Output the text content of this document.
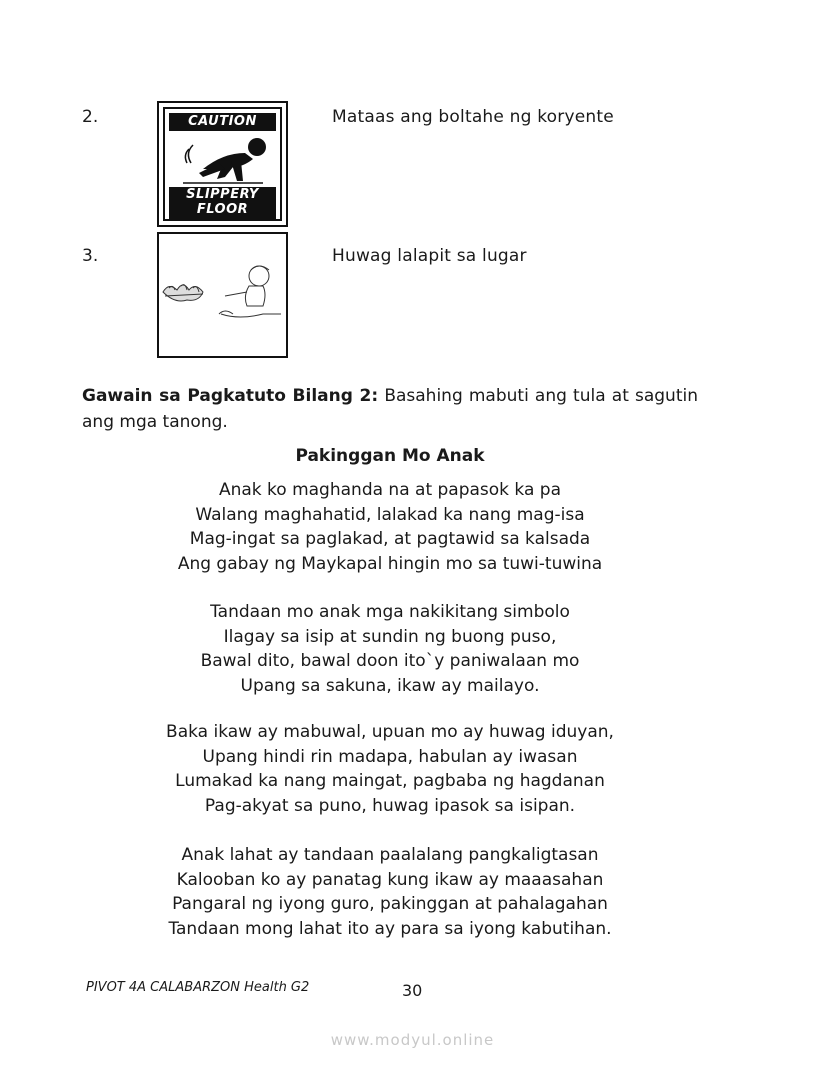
2.	CAUTION
SLIPPERY
FLOOR
Mataas ang boltahe ng koryente
3.	Huwag lalapit sa lugar
Gawain sa Pagkatuto Bilang 2: Basahing mabuti ang tula at sagutin
ang mga tanong.
Pakinggan Mo Anak
Anak ko maghanda na at papasok ka pa
Walang maghahatid, lalakad ka nang mag-isa
Mag-ingat sa paglakad, at pagtawid sa kalsada
Ang gabay ng Maykapal hingin mo sa tuwi-tuwina
Tandaan mo anak mga nakikitang simbolo
Ilagay sa isip at sundin ng buong puso,
Bawal dito, bawal doon ito`y paniwalaan mo
Upang sa sakuna, ikaw ay mailayo.
Baka ikaw ay mabuwal, upuan mo ay huwag iduyan,
Upang hindi rin madapa, habulan ay iwasan
Lumakad ka nang maingat, pagbaba ng hagdanan
Pag-akyat sa puno, huwag ipasok sa isipan.
Anak lahat ay tandaan paalalang pangkaligtasan
Kalooban ko ay panatag kung ikaw ay maaasahan
Pangaral ng iyong guro, pakinggan at pahalagahan
Tandaan mong lahat ito ay para sa iyong kabutihan.
PIVOT 4A CALABARZON Health G2	30
www.modyul.online
